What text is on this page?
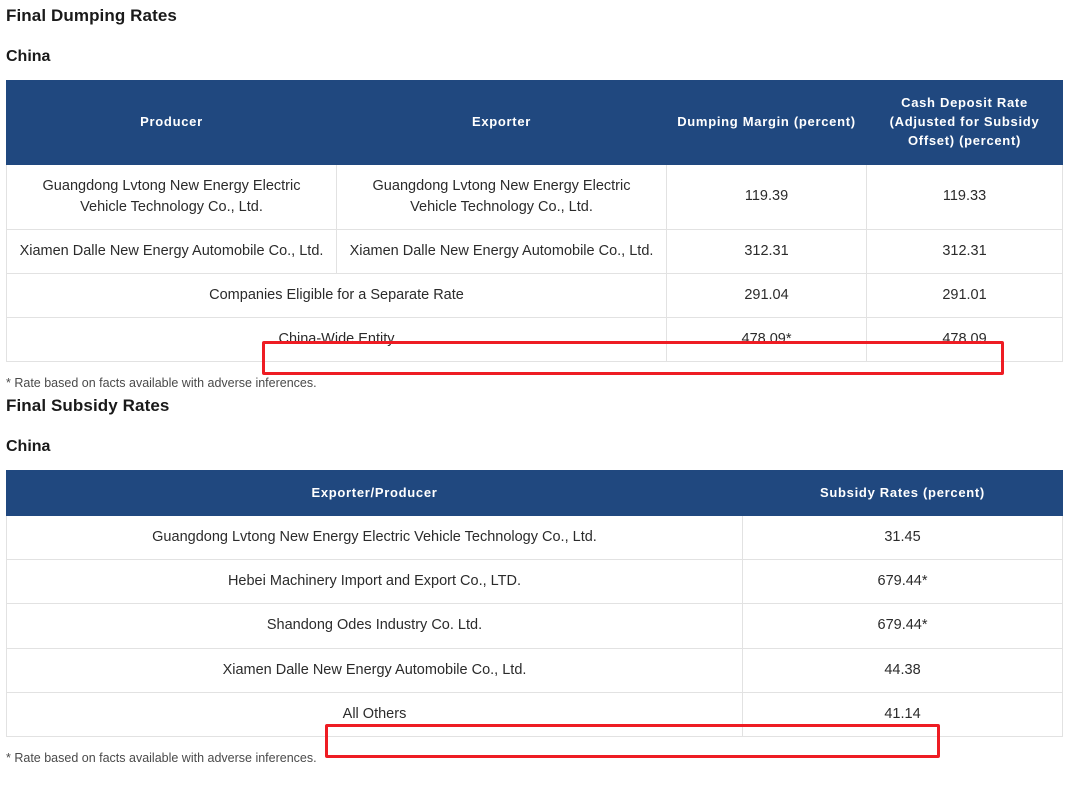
Final Dumping Rates
China
Producer	Exporter	Dumping Margin (percent)	Cash Deposit Rate (Adjusted for Subsidy Offset) (percent)
Guangdong Lvtong New Energy Electric Vehicle Technology Co., Ltd.	Guangdong Lvtong New Energy Electric Vehicle Technology Co., Ltd.	119.39	119.33
Xiamen Dalle New Energy Automobile Co., Ltd.	Xiamen Dalle New Energy Automobile Co., Ltd.	312.31	312.31
Companies Eligible for a Separate Rate		291.04	291.01
China-Wide Entity		478.09*	478.09

* Rate based on facts available with adverse inferences.

Final Subsidy Rates
China
Exporter/Producer	Subsidy Rates (percent)
Guangdong Lvtong New Energy Electric Vehicle Technology Co., Ltd.	31.45
Hebei Machinery Import and Export Co., LTD.	679.44*
Shandong Odes Industry Co. Ltd.	679.44*
Xiamen Dalle New Energy Automobile Co., Ltd.	44.38
All Others	41.14

* Rate based on facts available with adverse inferences.
